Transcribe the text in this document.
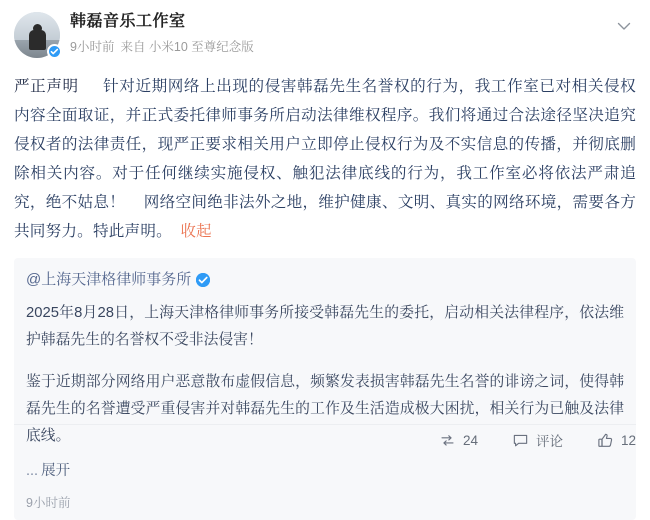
韩磊音乐工作室
9小时前 来自 小米10 至尊纪念版
严正声明 针对近期网络上出现的侵害韩磊先生名誉权的行为，我工作室已对相关侵权内容全面取证，并正式委托律师事务所启动法律维权程序。我们将通过合法途径坚决追究侵权者的法律责任，现严正要求相关用户立即停止侵权行为及不实信息的传播，并彻底删除相关内容。对于任何继续实施侵权、触犯法律底线的行为，我工作室必将依法严肃追究，绝不姑息！ 网络空间绝非法外之地，维护健康、文明、真实的网络环境，需要各方共同努力。特此声明。 收起
@上海天津格律师事务所
2025年8月28日，上海天津格律师事务所接受韩磊先生的委托，启动相关法律程序，依法维护韩磊先生的名誉权不受非法侵害！
鉴于近期部分网络用户恶意散布虚假信息，频繁发表损害韩磊先生名誉的诽谤之词，使得韩磊先生的名誉遭受严重侵害并对韩磊先生的工作及生活造成极大困扰，相关行为已触及法律底线。
... 展开
9小时前
24	评论	12
